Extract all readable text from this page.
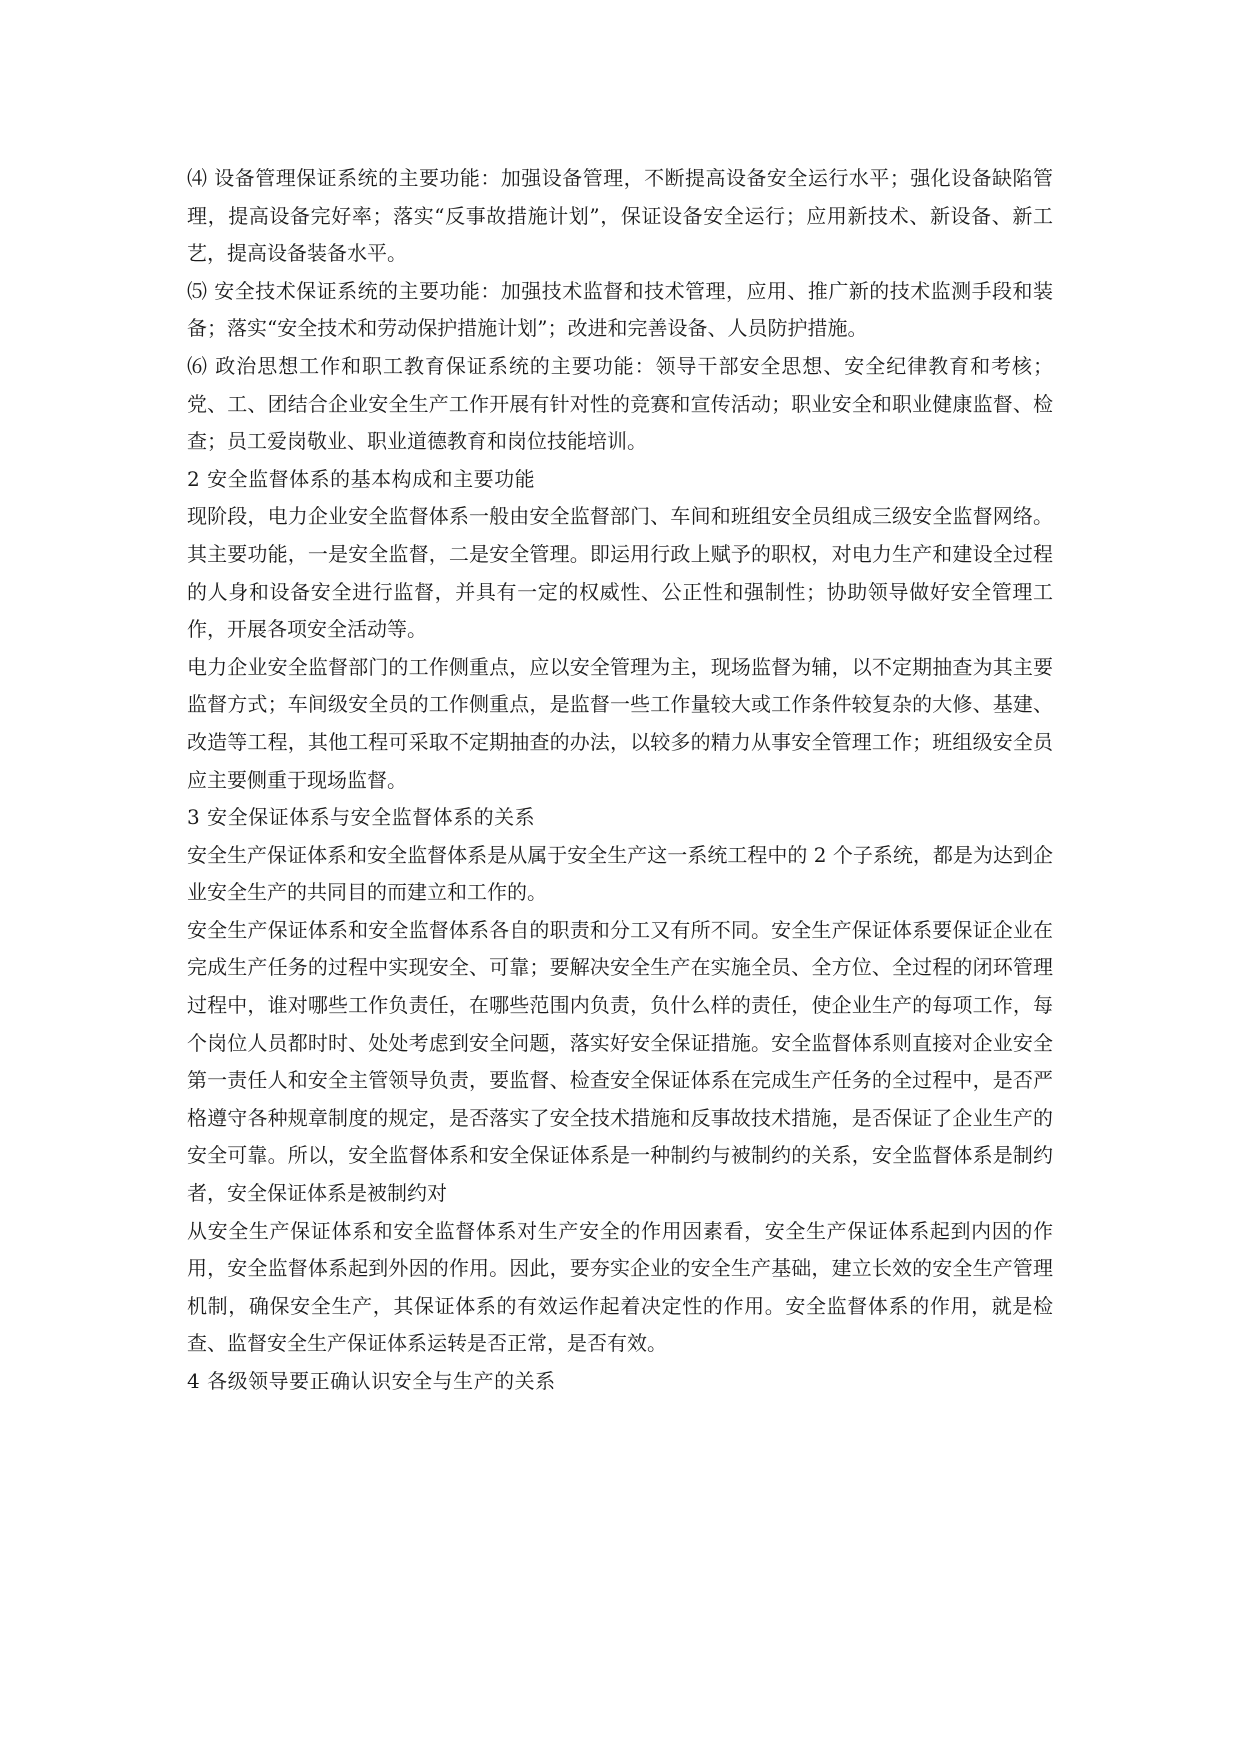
⑷ 设备管理保证系统的主要功能：加强设备管理，不断提高设备安全运行水平；强化设备缺陷管理，提高设备完好率；落实“反事故措施计划”，保证设备安全运行；应用新技术、新设备、新工艺，提高设备装备水平。

⑸ 安全技术保证系统的主要功能：加强技术监督和技术管理，应用、推广新的技术监测手段和装备；落实“安全技术和劳动保护措施计划”；改进和完善设备、人员防护措施。

⑹ 政治思想工作和职工教育保证系统的主要功能：领导干部安全思想、安全纪律教育和考核；党、工、团结合企业安全生产工作开展有针对性的竞赛和宣传活动；职业安全和职业健康监督、检查；员工爱岗敬业、职业道德教育和岗位技能培训。

2 安全监督体系的基本构成和主要功能

现阶段，电力企业安全监督体系一般由安全监督部门、车间和班组安全员组成三级安全监督网络。其主要功能，一是安全监督，二是安全管理。即运用行政上赋予的职权，对电力生产和建设全过程的人身和设备安全进行监督，并具有一定的权威性、公正性和强制性；协助领导做好安全管理工作，开展各项安全活动等。

电力企业安全监督部门的工作侧重点，应以安全管理为主，现场监督为辅，以不定期抽查为其主要监督方式；车间级安全员的工作侧重点，是监督一些工作量较大或工作条件较复杂的大修、基建、改造等工程，其他工程可采取不定期抽查的办法，以较多的精力从事安全管理工作；班组级安全员应主要侧重于现场监督。

3 安全保证体系与安全监督体系的关系

安全生产保证体系和安全监督体系是从属于安全生产这一系统工程中的 2 个子系统，都是为达到企业安全生产的共同目的而建立和工作的。

安全生产保证体系和安全监督体系各自的职责和分工又有所不同。安全生产保证体系要保证企业在完成生产任务的过程中实现安全、可靠；要解决安全生产在实施全员、全方位、全过程的闭环管理过程中，谁对哪些工作负责任，在哪些范围内负责，负什么样的责任，使企业生产的每项工作，每个岗位人员都时时、处处考虑到安全问题，落实好安全保证措施。安全监督体系则直接对企业安全第一责任人和安全主管领导负责，要监督、检查安全保证体系在完成生产任务的全过程中，是否严格遵守各种规章制度的规定，是否落实了安全技术措施和反事故技术措施，是否保证了企业生产的安全可靠。所以，安全监督体系和安全保证体系是一种制约与被制约的关系，安全监督体系是制约者，安全保证体系是被制约对

从安全生产保证体系和安全监督体系对生产安全的作用因素看，安全生产保证体系起到内因的作用，安全监督体系起到外因的作用。因此，要夯实企业的安全生产基础，建立长效的安全生产管理机制，确保安全生产，其保证体系的有效运作起着决定性的作用。安全监督体系的作用，就是检查、监督安全生产保证体系运转是否正常，是否有效。

4 各级领导要正确认识安全与生产的关系
